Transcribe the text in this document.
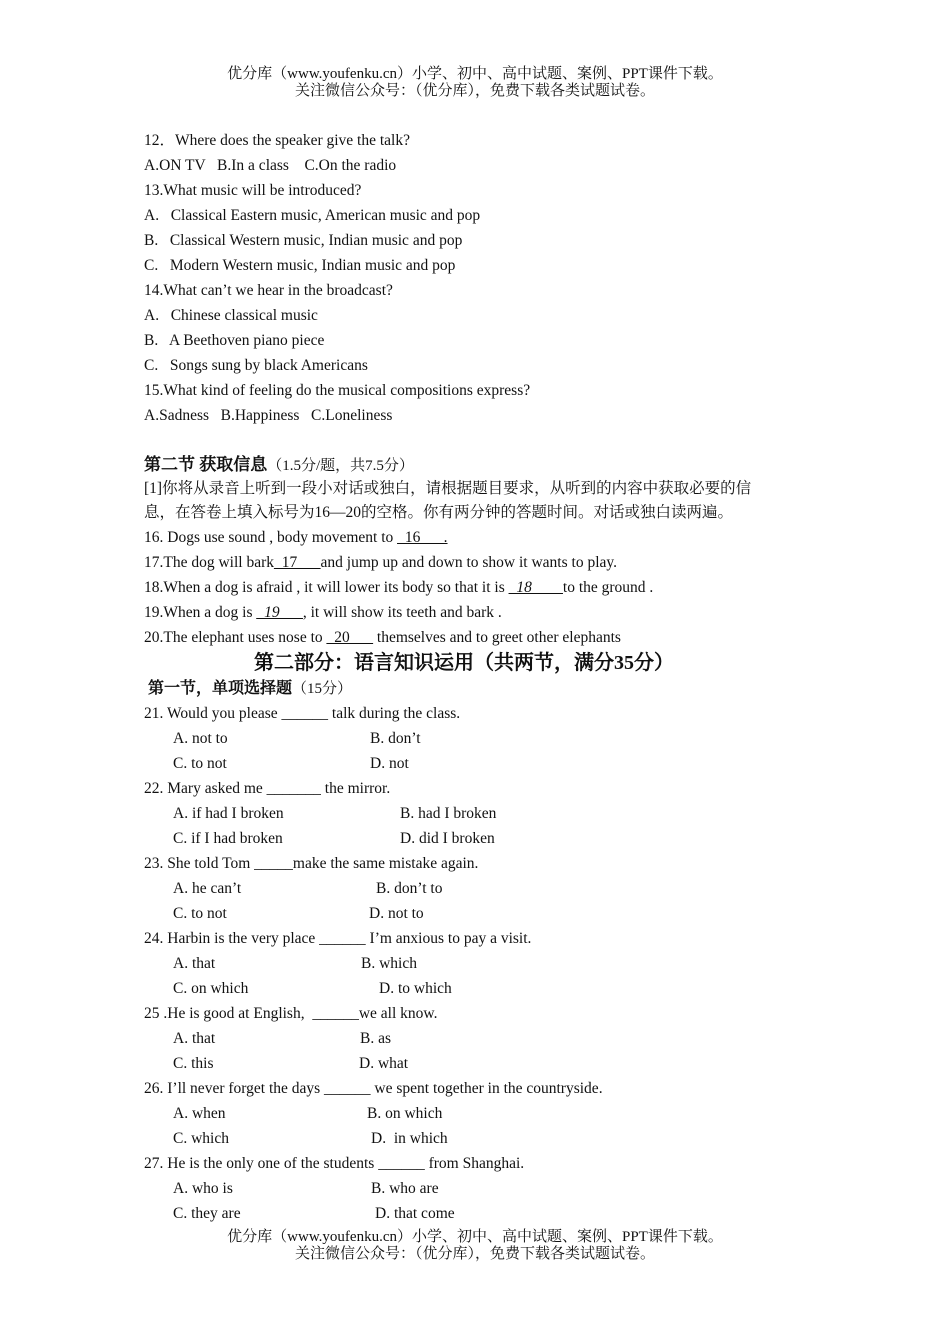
优分库（www.youfenku.cn）小学、初中、高中试题、案例、PPT课件下载。
关注微信公众号：（优分库），免费下载各类试题试卷。
12．Where does the speaker give the talk?
A.ON TV   B.In a class    C.On the radio
13.What music will be introduced?
A.   Classical Eastern music, American music and pop
B.   Classical Western music, Indian music and pop
C.   Modern Western music, Indian music and pop
14.What can’t we hear in the broadcast?
A.   Chinese classical music
B.   A Beethoven piano piece
C.   Songs sung by black Americans
15.What kind of feeling do the musical compositions express?
A.Sadness   B.Happiness   C.Loneliness
第二节 获取信息（1.5分/题，共7.5分）
[1]你将从录音上听到一段小对话或独白，请根据题目要求，从听到的内容中获取必要的信
息，在答卷上填入标号为16—20的空格。你有两分钟的答题时间。对话或独白读两遍。
16. Dogs use sound , body movement to _16___.
17.The dog will bark_17___and jump up and down to show it wants to play.
18.When a dog is afraid , it will lower its body so that it is _18____to the ground .
19.When a dog is _19___, it will show its teeth and bark .
20.The elephant uses nose to _20___ themselves and to greet other elephants
第二部分：语言知识运用（共两节，满分35分）
第一节，单项选择题（15分）
21. Would you please ______ talk during the class.
A. not to	B. don’t
C. to not	D. not
22. Mary asked me _______ the mirror.
A. if had I broken	B. had I broken
C. if I had broken	D. did I broken
23. She told Tom _____make the same mistake again.
A. he can’t	B. don’t to
C. to not	D. not to
24. Harbin is the very place ______ I’m anxious to pay a visit.
A. that	B. which
C. on which	D. to which
25 .He is good at English,  ______we all know.
A. that	B. as
C. this	D. what
26. I’ll never forget the days ______ we spent together in the countryside.
A. when	B. on which
C. which	D.  in which
27. He is the only one of the students ______ from Shanghai.
A. who is	B. who are
C. they are	D. that come
优分库（www.youfenku.cn）小学、初中、高中试题、案例、PPT课件下载。
关注微信公众号：（优分库），免费下载各类试题试卷。
